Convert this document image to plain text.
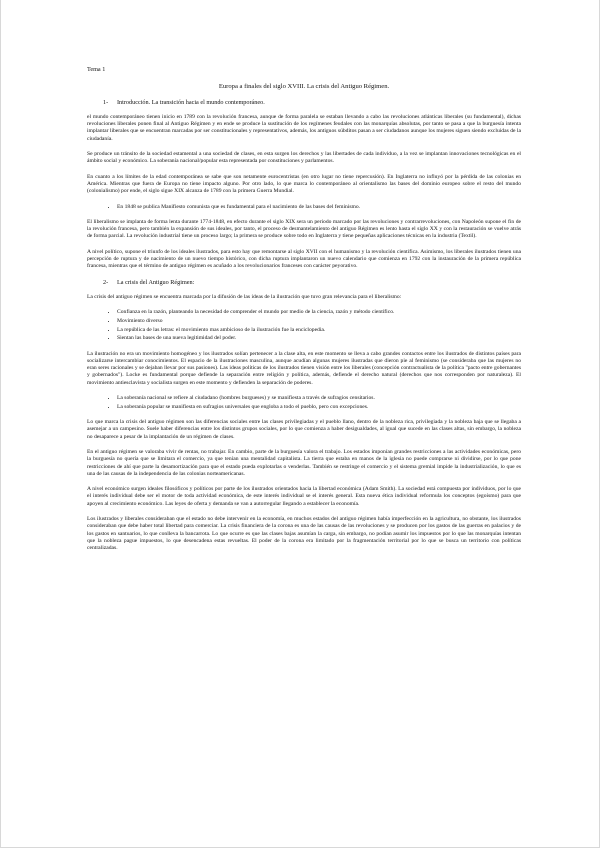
Tema 1
Europa a finales del siglo XVIII. La crisis del Antiguo Régimen.
1- Introducción. La transición hacia el mundo contemporáneo.

el mundo contemporáneo tienen inicio en 1789 con la revolución francesa, aunque de forma paralela se estaban llevando a cabo las revoluciones atlánticas liberales (su fundamental), dichas revoluciones liberales ponen final al Antiguo Régimen y en ende se produce la sustitución de los regímenes feudales con las monarquías absolutas, por tanto se pasa a que la burguesía intenta implantar liberales que se encuentran marcadas por ser constitucionales y representativos, además, los antiguos súbditos pasan a ser ciudadanos aunque los mujeres siguen siendo excluidas de la ciudadanía.

Se produce un tránsito de la sociedad estamental a una sociedad de clases, en esta surgen los derechos y las libertades de cada individuo, a la vez se implantan innovaciones tecnológicas en el ámbito social y económico. La soberanía nacional/popular esta representada por constituciones y parlamentos.

En cuanto a los límites de la edad contemporánea se sabe que son netamente eurocentristas (en otro lugar no tiene repercusión). En Inglaterra no influyó por la pérdida de las colonias en América. Mientras que fuera de Europa no tiene impacto alguno. Por otro lado, lo que marca lo contemporáneo al orientalismo las bases del dominio europeo sobre el resto del mundo (colonialismo) por ende, el siglo sigue XIX alcanza de 1789 con la primera Guerra Mundial.

• En 1848 se publica Manifiesto comunista que es fundamental para el nacimiento de las bases del feminismo.

El liberalismo se implanta de forma lenta durante 1774-1848, en efecto durante el siglo XIX sera un periodo marcado por las revoluciones y contrarrevoluciones, con Napoleón supone el fin de la revolución francesa, pero también la expansión de sus ideales, por tanto, el proceso de desmantelamiento del antiguo Régimen es lento hasta el siglo XX y con la restauración se vuelve atrás de forma parcial. La revolución industrial tiene un proceso largo; la primera se produce sobre todo en Inglaterra y tiene pequeñas aplicaciones técnicas en la industria (Textil).

A nivel político, supone el triunfo de los ideales ilustrados, para esto hay que remontarse al siglo XVII con el humanismo y la revolución científica. Asimismo, los liberales ilustrados tienen una percepción de ruptura y de nacimiento de un nuevo tiempo histórico, con dicha ruptura implantaron un nuevo calendario que comienza en 1792 con la instauración de la primera república francesa, mientras que el término de antiguo régimen es acuñado a los revolucionarios franceses con carácter peyorativo.

2- La crisis del Antiguo Régimen:

La crisis del antiguo régimen se encuentra marcada por la difusión de las ideas de la ilustración que tuvo gran relevancia para el liberalismo:

• Confianza en la razón, planteando la necesidad de comprender el mundo por medio de la ciencia, razón y método científico.
• Movimiento diverso
• La república de las letras: el movimiento mas ambicioso de la ilustración fue la enciclopedia.
• Sientan las bases de una nueva legitimidad del poder.

La ilustración no era un movimiento homogéneo y los ilustrados solían pertenecer a la clase alta, en este momento se lleva a cabo grandes contactos entre los ilustrados de distintos países para socializarse intercambiar conocimientos. El espacio de la ilustraciones masculina, aunque acudían algunas mujeres ilustradas que dieron pie al feminismo (se consideraba que las mujeres no eran seres racionales y se dejaban llevar por sus pasiones). Las ideas políticas de los ilustrados tienen visión entre los liberales (concepción contractualista de la política "pacto entre gobernantes y gobernados"). Locke es fundamental porque defiende la separación entre religión y política, además, defiende el derecho natural (derechos que nos corresponden por naturaleza). El movimiento antiesclavista y socialista surgen en este momento y defienden la separación de poderes.

• La soberanía nacional se refiere al ciudadano (hombres burgueses) y se manifiesta a través de sufragios censitarios.
• La soberanía popular se manifiesta en sufragios universales que engloba a todo el pueblo, pero con excepciones.

Lo que marca la crisis del antiguo régimen son las diferencias sociales entre las clases privilegiadas y el pueblo llano, dentro de la nobleza rica, privilegiada y la nobleza baja que se llegaba a asemejar a un campesino. Suele haber diferencias entre los distintos grupos sociales, por lo que comienza a haber desigualdades, al igual que sucede en las clases altas, sin embargo, la nobleza no desaparece a pesar de la implantación de un régimen de clases.

En el antiguo régimen se valoraba vivir de rentas, no trabajar. En cambio, parte de la burguesía valora el trabajo. Los estados imponían grandes restricciones a las actividades económicas, pero la burguesía no quería que se limitara el comercio, ya que tenían una mentalidad capitalista. La tierra que estaba en manos de la iglesia no puede comprarse ni dividirse, por lo que pone restricciones de ahí que parte la desamortización para que el estado pueda explotarlas o venderlas. También se restringe el comercio y el sistema gremial impide la industrialización, lo que es una de las causas de la independencia de las colonias norteamericanas.

A nivel económico surgen ideales filosóficos y políticos por parte de los ilustrados orientados hacia la libertad económica (Adam Smith). La sociedad está compuesta por individuos, por lo que el interés individual debe ser el motor de toda actividad económica, de este interés individual se el interés general. Esta nueva ética individual reformula los conceptos (egoísmo) para que apoyen al crecimiento económico. Las leyes de oferta y demanda se van a autorregular llegando a establecer la economía.

Los ilustrados y liberales consideraban que el estado no debe intervenir en la economía, en muchos estados del antiguo régimen había imperfección en la agricultura, no obstante, los ilustrados consideraban que debe haber total libertad para comerciar. La crisis financiera de la corona es una de las causas de las revoluciones y se producen por los gastos de las guerras en palacios y de los gastos en santuarios, lo que conlleva la bancarrota. Lo que ocurre es que las clases bajas asumían la carga, sin embargo, no podían asumir los impuestos por lo que las monarquías intentan que la nobleza pague impuestos, lo que desencadena estas revueltas. El poder de la corona era limitado por la fragmentación territorial por lo que se busca un territorio con políticas centralizadas.
